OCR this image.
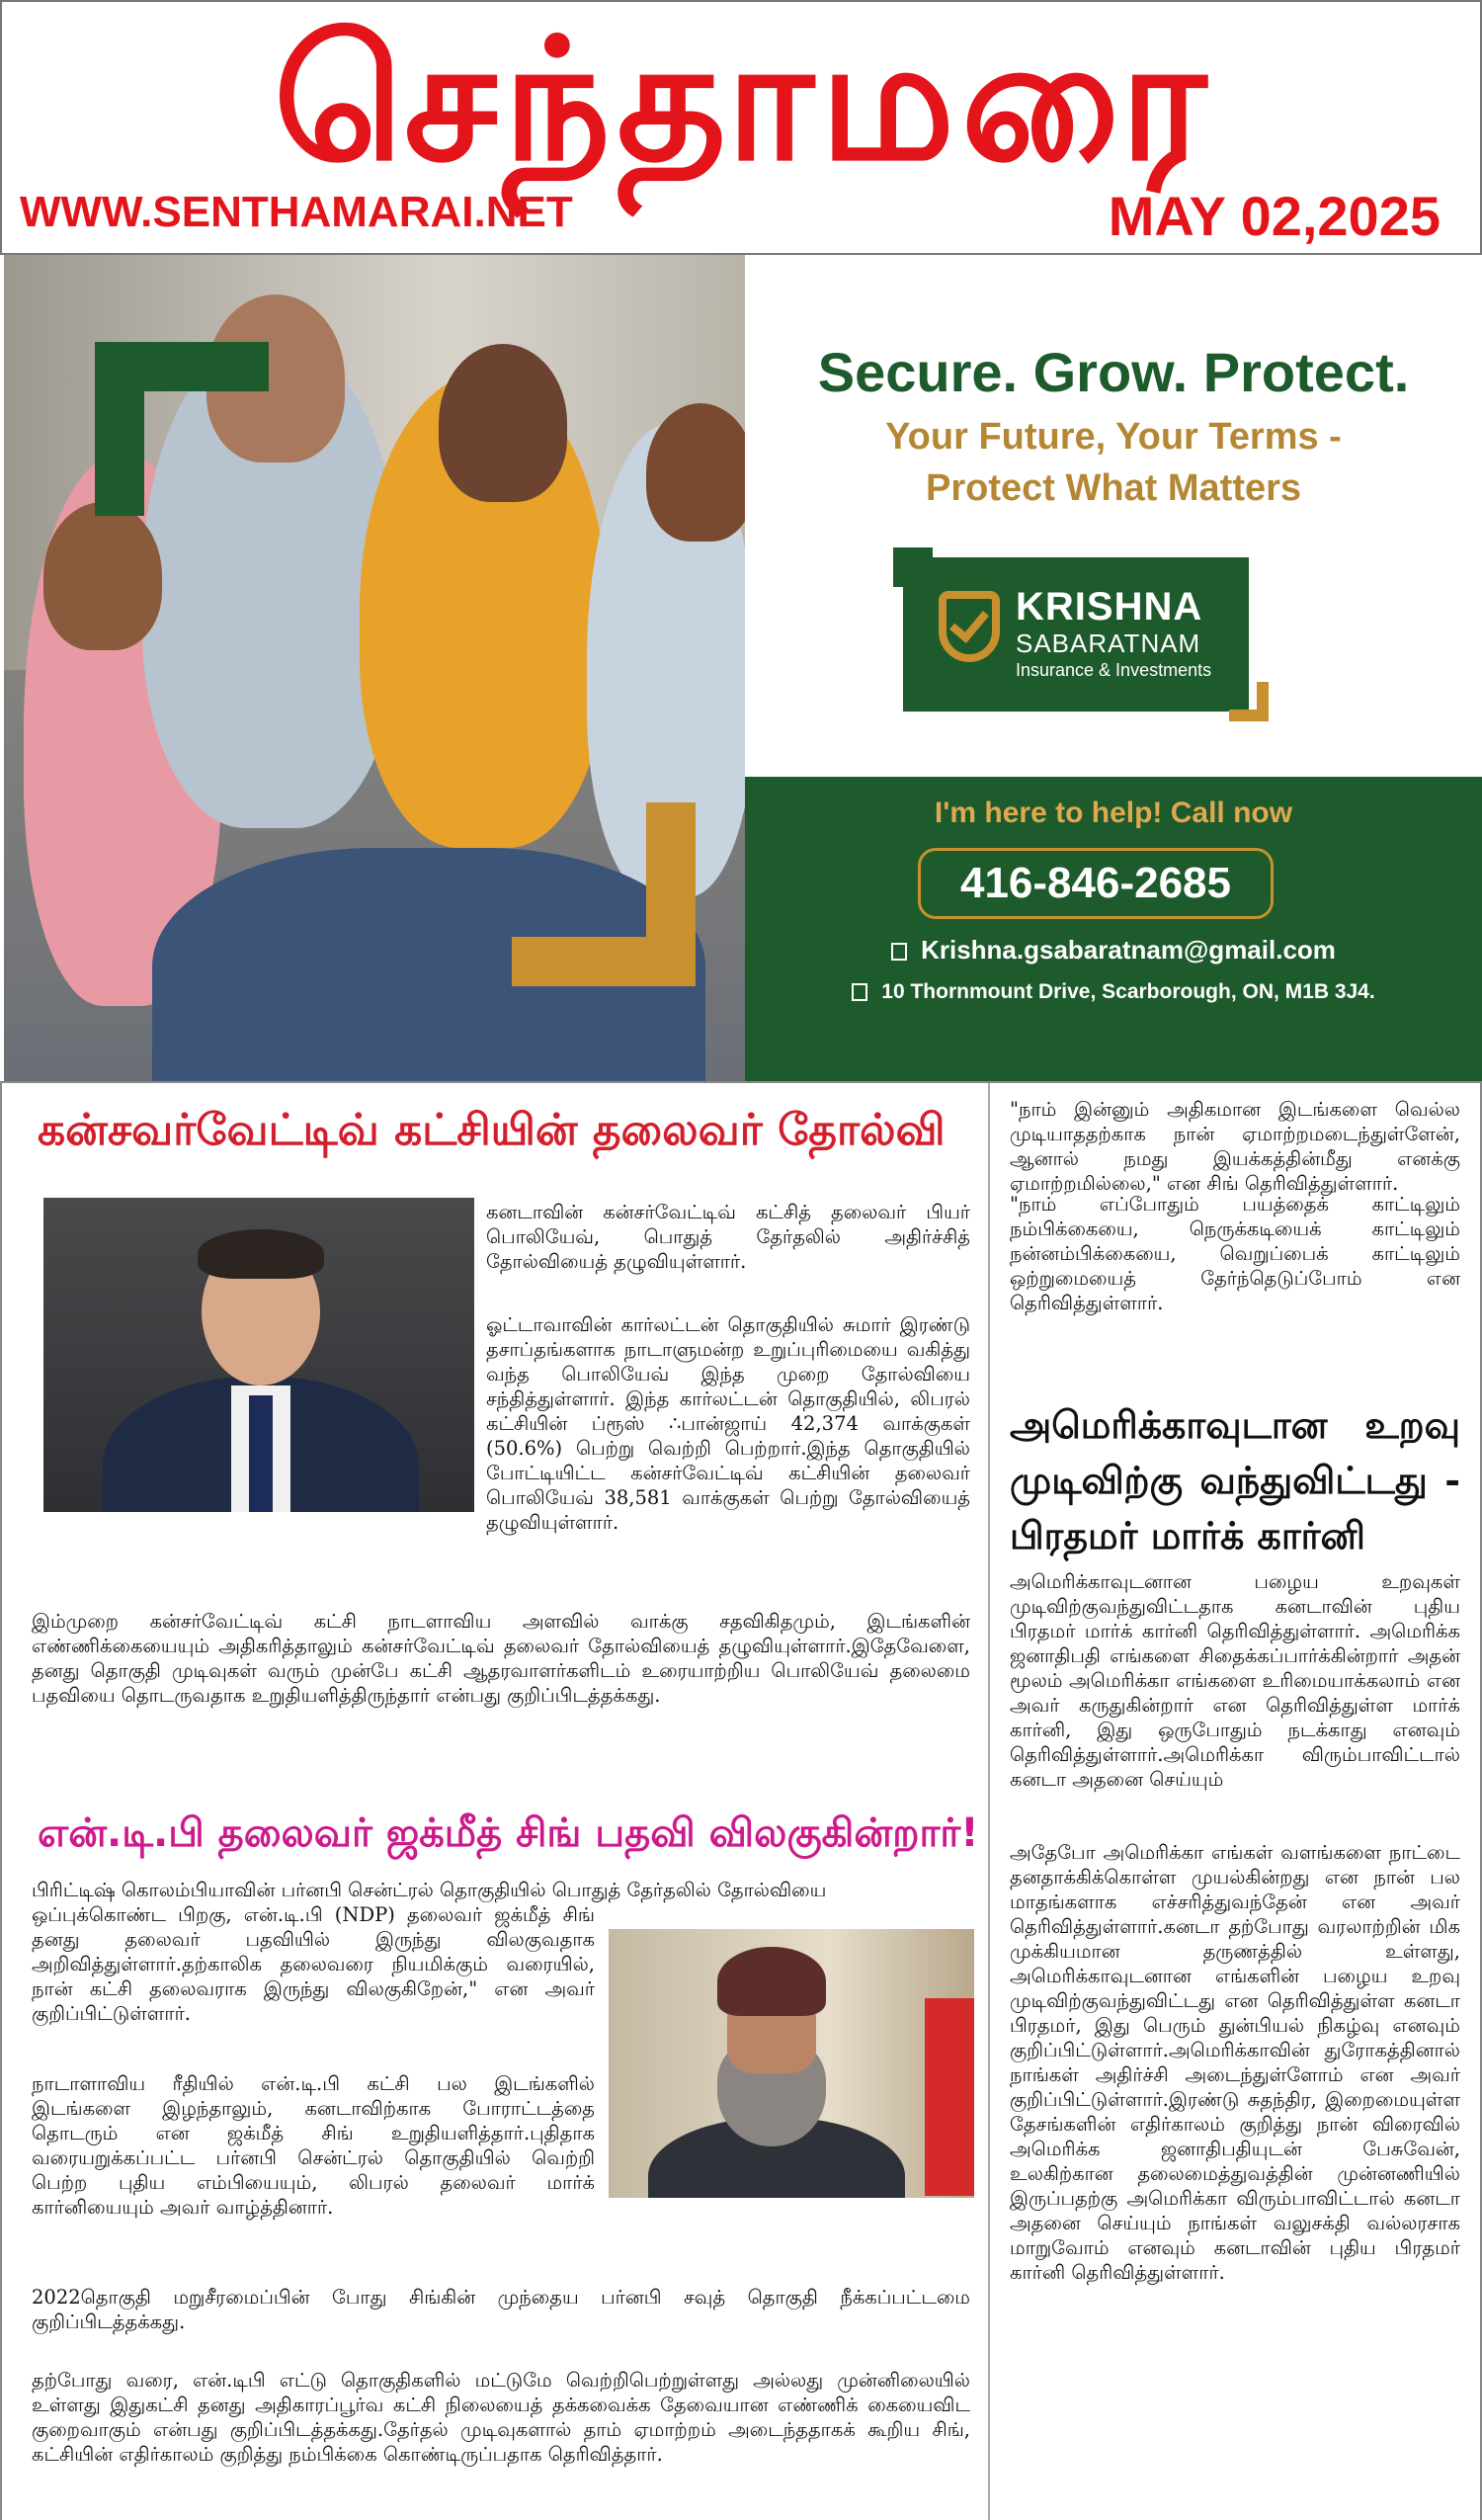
செந்தாமரை
WWW.SENTHAMARAI.NET	MAY 02,2025
Secure. Grow. Protect.
Your Future, Your Terms -
Protect What Matters
KRISHNA
SABARATNAM
Insurance & Investments
I'm here to help! Call now
416-846-2685
Krishna.gsabaratnam@gmail.com
10 Thornmount Drive, Scarborough, ON, M1B 3J4.
கன்சவர்வேட்டிவ் கட்சியின் தலைவர் தோல்வி

கனடாவின் கன்சர்வேட்டிவ் கட்சித் தலைவர் பியர் பொலியேவ், பொதுத் தேர்தலில் அதிர்ச்சித் தோல்வியைத் தழுவியுள்ளார்.

ஓட்டாவாவின் கார்லட்டன் தொகுதியில் சுமார் இரண்டு தசாப்தங்களாக நாடாளுமன்ற உறுப்புரிமையை வகித்து வந்த பொலியேவ் இந்த முறை தோல்வியை சந்தித்துள்ளார். இந்த கார்லட்டன் தொகுதியில், லிபரல் கட்சியின் ப்ரூஸ் ∴பான்ஜாய் 42,374 வாக்குகள் (50.6%) பெற்று வெற்றி பெற்றார்.இந்த தொகுதியில் போட்டியிட்ட கன்சர்வேட்டிவ் கட்சியின் தலைவர் பொலியேவ் 38,581 வாக்குகள் பெற்று தோல்வியைத் தழுவியுள்ளார்.

இம்முறை கன்சர்வேட்டிவ் கட்சி நாடளாவிய அளவில் வாக்கு சதவிகிதமும், இடங்களின் எண்ணிக்கையையும் அதிகரித்தாலும் கன்சர்வேட்டிவ் தலைவர் தோல்வியைத் தழுவியுள்ளார்.இதேவேளை, தனது தொகுதி முடிவுகள் வரும் முன்பே கட்சி ஆதரவாளர்களிடம் உரையாற்றிய பொலியேவ் தலைமை பதவியை தொடருவதாக உறுதியளித்திருந்தார் என்பது குறிப்பிடத்தக்கது.

என்.டி.பி தலைவர் ஜக்மீத் சிங் பதவி விலகுகின்றார்!

பிரிட்டிஷ் கொலம்பியாவின் பர்னபி சென்ட்ரல் தொகுதியில் பொதுத் தேர்தலில் தோல்வியை

ஒப்புக்கொண்ட பிறகு, என்.டி.பி (NDP) தலைவர் ஜக்மீத் சிங் தனது தலைவர் பதவியில் இருந்து விலகுவதாக அறிவித்துள்ளார்.தற்காலிக தலைவரை நியமிக்கும் வரையில், நான் கட்சி தலைவராக இருந்து விலகுகிறேன்," என அவர் குறிப்பிட்டுள்ளார்.

நாடாளாவிய ரீதியில் என்.டி.பி கட்சி பல இடங்களில் இடங்களை இழந்தாலும், கனடாவிற்காக போராட்டத்தை தொடரும் என ஜக்மீத் சிங் உறுதியளித்தார்.புதிதாக வரையறுக்கப்பட்ட பர்னபி சென்ட்ரல் தொகுதியில் வெற்றி பெற்ற புதிய எம்பியையும், லிபரல் தலைவர் மார்க் கார்னியையும் அவர் வாழ்த்தினார்.

2022தொகுதி மறுசீரமைப்பின் போது சிங்கின் முந்தைய பர்னபி சவுத் தொகுதி நீக்கப்பட்டமை குறிப்பிடத்தக்கது.

தற்போது வரை, என்.டிபி எட்டு தொகுதிகளில் மட்டுமே வெற்றிபெற்றுள்ளது அல்லது முன்னிலையில் உள்ளது இதுகட்சி தனது அதிகாரப்பூர்வ கட்சி நிலையைத் தக்கவைக்க தேவையான எண்ணிக் கையைவிட குறைவாகும் என்பது குறிப்பிடத்தக்கது.தேர்தல் முடிவுகளால் தாம் ஏமாற்றம் அடைந்ததாகக் கூறிய சிங், கட்சியின் எதிர்காலம் குறித்து நம்பிக்கை கொண்டிருப்பதாக தெரிவித்தார்.

"நாம் இன்னும் அதிகமான இடங்களை வெல்ல முடியாததற்காக நான் ஏமாற்றமடைந்துள்ளேன், ஆனால் நமது இயக்கத்தின்மீது எனக்கு ஏமாற்றமில்லை," என சிங் தெரிவித்துள்ளார்.

"நாம் எப்போதும் பயத்தைக் காட்டிலும் நம்பிக்கையை, நெருக்கடியைக் காட்டிலும் நன்னம்பிக்கையை, வெறுப்பைக் காட்டிலும் ஒற்றுமையைத் தேர்ந்தெடுப்போம் என தெரிவித்துள்ளார்.

அமெரிக்காவுடான உறவு முடிவிற்கு வந்துவிட்டது - பிரதமர் மார்க் கார்னி

அமெரிக்காவுடனான பழைய உறவுகள் முடிவிற்குவந்துவிட்டதாக கனடாவின் புதிய பிரதமர் மார்க் கார்னி தெரிவித்துள்ளார். அமெரிக்க ஜனாதிபதி எங்களை சிதைக்கப்பார்க்கின்றார் அதன் மூலம் அமெரிக்கா எங்களை உரிமையாக்கலாம் என அவர் கருதுகின்றார் என தெரிவித்துள்ள மார்க் கார்னி, இது ஒருபோதும் நடக்காது எனவும் தெரிவித்துள்ளார்.அமெரிக்கா விரும்பாவிட்டால் கனடா அதனை செய்யும்

அதேபோ அமெரிக்கா எங்கள் வளங்களை நாட்டை தனதாக்கிக்கொள்ள முயல்கின்றது என நான் பல மாதங்களாக எச்சரித்துவந்தேன் என அவர் தெரிவித்துள்ளார்.கனடா தற்போது வரலாற்றின் மிக முக்கியமான தருணத்தில் உள்ளது, அமெரிக்காவுடனான எங்களின் பழைய உறவு முடிவிற்குவந்துவிட்டது என தெரிவித்துள்ள கனடா பிரதமர், இது பெரும் துன்பியல் நிகழ்வு எனவும் குறிப்பிட்டுள்ளார்.அமெரிக்காவின் துரோகத்தினால் நாங்கள் அதிர்ச்சி அடைந்துள்ளோம் என அவர் குறிப்பிட்டுள்ளார்.இரண்டு சுதந்திர, இறைமையுள்ள தேசங்களின் எதிர்காலம் குறித்து நான் விரைவில் அமெரிக்க ஜனாதிபதியுடன் பேசுவேன், உலகிற்கான தலைமைத்துவத்தின் முன்னணியில் இருப்பதற்கு அமெரிக்கா விரும்பாவிட்டால் கனடா அதனை செய்யும் நாங்கள் வலுசக்தி வல்லரசாக மாறுவோம் எனவும் கனடாவின் புதிய பிரதமர் கார்னி தெரிவித்துள்ளார்.
